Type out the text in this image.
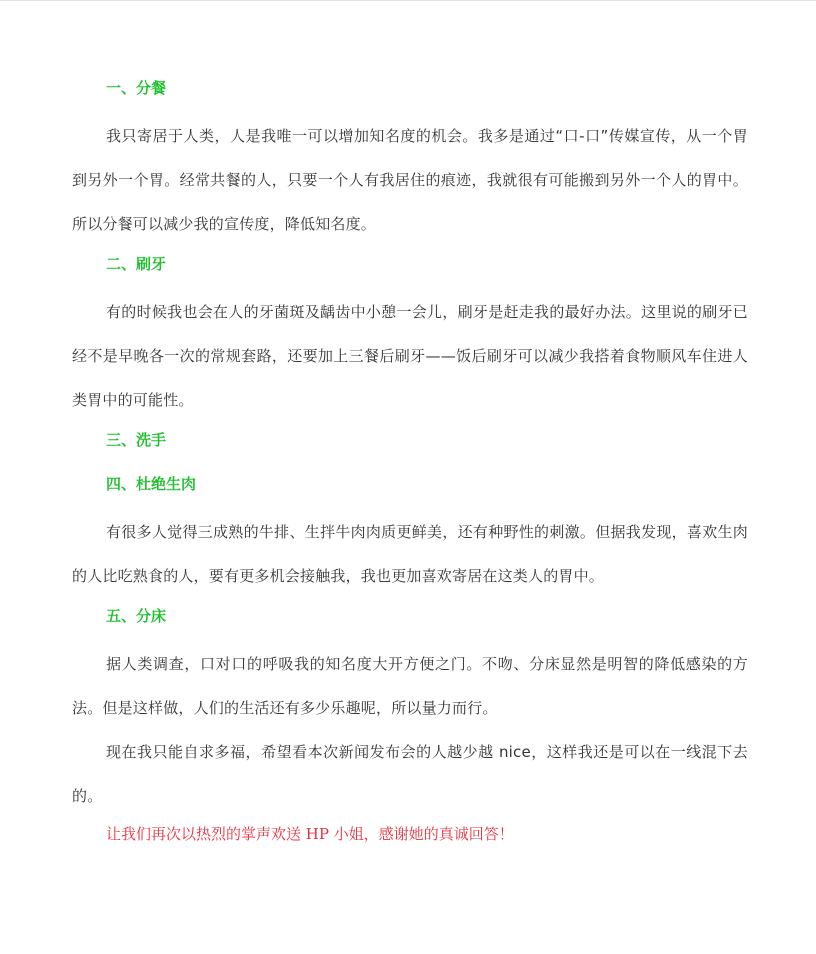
一、分餐

我只寄居于人类，人是我唯一可以增加知名度的机会。我多是通过“口-口”传媒宣传，从一个胃到另外一个胃。经常共餐的人，只要一个人有我居住的痕迹，我就很有可能搬到另外一个人的胃中。所以分餐可以减少我的宣传度，降低知名度。

二、刷牙

有的时候我也会在人的牙菌斑及龋齿中小憩一会儿，刷牙是赶走我的最好办法。这里说的刷牙已经不是早晚各一次的常规套路，还要加上三餐后刷牙——饭后刷牙可以减少我搭着食物顺风车住进人类胃中的可能性。

三、洗手
四、杜绝生肉

有很多人觉得三成熟的牛排、生拌牛肉肉质更鲜美，还有种野性的刺激。但据我发现，喜欢生肉的人比吃熟食的人，要有更多机会接触我，我也更加喜欢寄居在这类人的胃中。

五、分床

据人类调查，口对口的呼吸我的知名度大开方便之门。不吻、分床显然是明智的降低感染的方法。但是这样做，人们的生活还有多少乐趣呢，所以量力而行。

现在我只能自求多福，希望看本次新闻发布会的人越少越 nice，这样我还是可以在一线混下去的。

让我们再次以热烈的掌声欢送 HP 小姐，感谢她的真诚回答！
